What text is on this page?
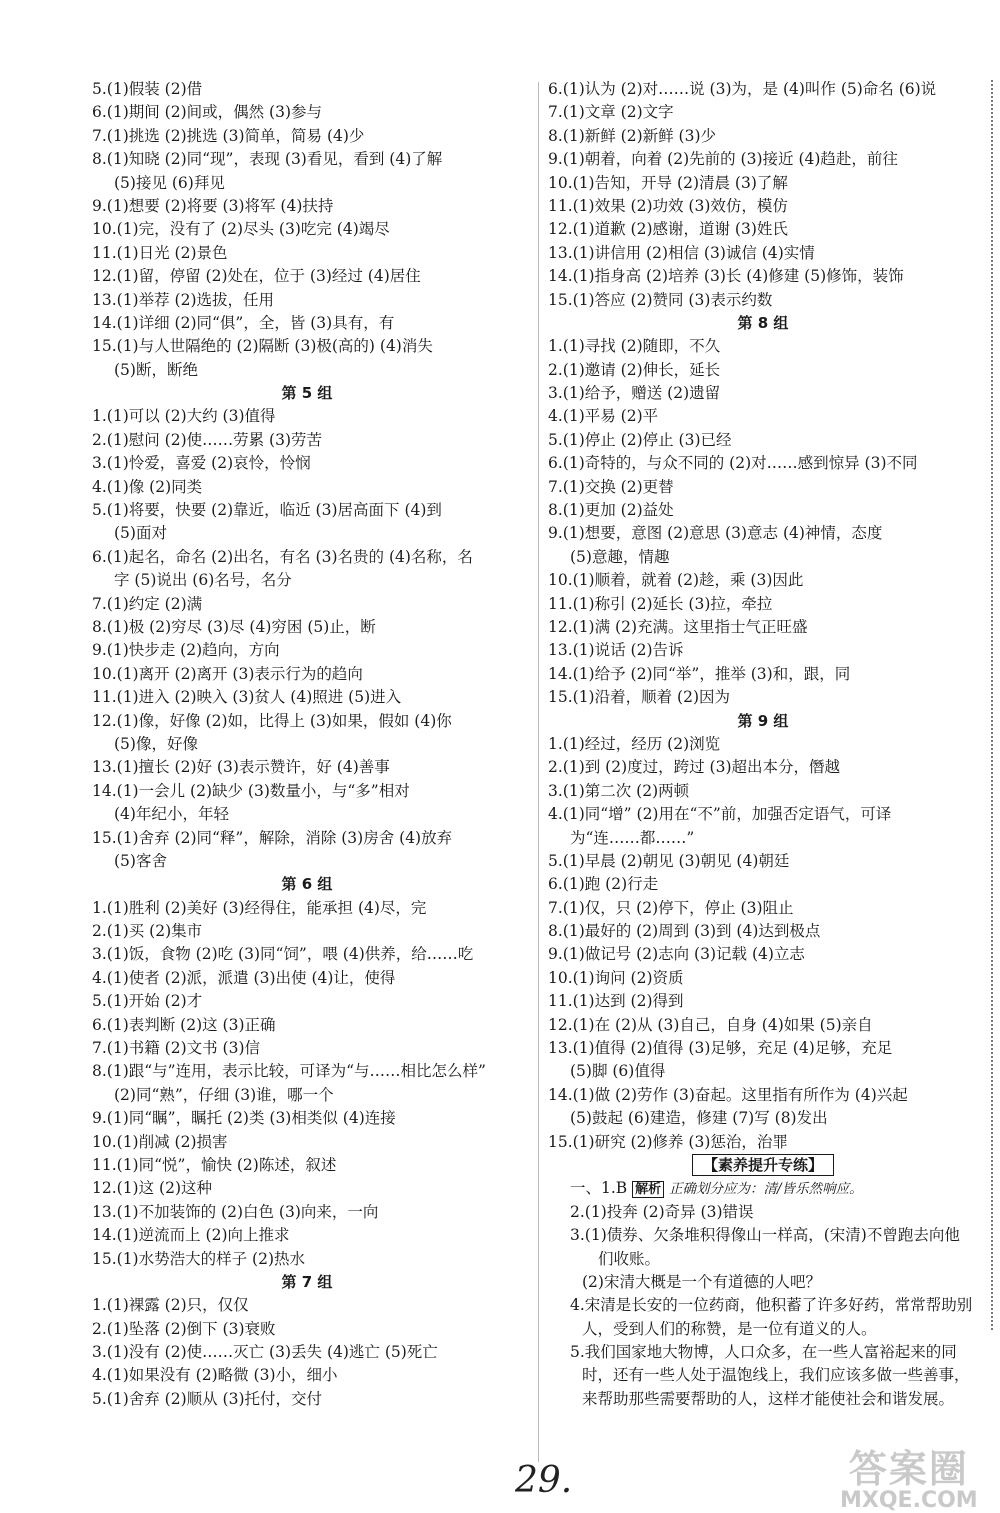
5.(1)假装 (2)借
6.(1)期间 (2)间或，偶然 (3)参与
7.(1)挑选 (2)挑选 (3)简单，简易 (4)少
8.(1)知晓 (2)同“现”，表现 (3)看见，看到 (4)了解
(5)接见 (6)拜见
9.(1)想要 (2)将要 (3)将军 (4)扶持
10.(1)完，没有了 (2)尽头 (3)吃完 (4)竭尽
11.(1)日光 (2)景色
12.(1)留，停留 (2)处在，位于 (3)经过 (4)居住
13.(1)举荐 (2)选拔，任用
14.(1)详细 (2)同“俱”，全，皆 (3)具有，有
15.(1)与人世隔绝的 (2)隔断 (3)极(高的) (4)消失
(5)断，断绝
第 5 组
1.(1)可以 (2)大约 (3)值得
2.(1)慰问 (2)使……劳累 (3)劳苦
3.(1)怜爱，喜爱 (2)哀怜，怜悯
4.(1)像 (2)同类
5.(1)将要，快要 (2)靠近，临近 (3)居高面下 (4)到
(5)面对
6.(1)起名，命名 (2)出名，有名 (3)名贵的 (4)名称，名
字 (5)说出 (6)名号，名分
7.(1)约定 (2)满
8.(1)极 (2)穷尽 (3)尽 (4)穷困 (5)止，断
9.(1)快步走 (2)趋向，方向
10.(1)离开 (2)离开 (3)表示行为的趋向
11.(1)进入 (2)映入 (3)贫人 (4)照进 (5)进入
12.(1)像，好像 (2)如，比得上 (3)如果，假如 (4)你
(5)像，好像
13.(1)擅长 (2)好 (3)表示赞许，好 (4)善事
14.(1)一会儿 (2)缺少 (3)数量小，与“多”相对
(4)年纪小，年轻
15.(1)舍弃 (2)同“释”，解除，消除 (3)房舍 (4)放弃
(5)客舍
第 6 组
1.(1)胜利 (2)美好 (3)经得住，能承担 (4)尽，完
2.(1)买 (2)集市
3.(1)饭，食物 (2)吃 (3)同“饲”，喂 (4)供养，给……吃
4.(1)使者 (2)派，派遣 (3)出使 (4)让，使得
5.(1)开始 (2)才
6.(1)表判断 (2)这 (3)正确
7.(1)书籍 (2)文书 (3)信
8.(1)跟“与”连用，表示比较，可译为“与……相比怎么样”
(2)同“熟”，仔细 (3)谁，哪一个
9.(1)同“瞩”，瞩托 (2)类 (3)相类似 (4)连接
10.(1)削减 (2)损害
11.(1)同“悦”，愉快 (2)陈述，叙述
12.(1)这 (2)这种
13.(1)不加装饰的 (2)白色 (3)向来，一向
14.(1)逆流而上 (2)向上推求
15.(1)水势浩大的样子 (2)热水
第 7 组
1.(1)裸露 (2)只，仅仅
2.(1)坠落 (2)倒下 (3)衰败
3.(1)没有 (2)使……灭亡 (3)丢失 (4)逃亡 (5)死亡
4.(1)如果没有 (2)略微 (3)小，细小
5.(1)舍弃 (2)顺从 (3)托付，交付
6.(1)认为 (2)对……说 (3)为，是 (4)叫作 (5)命名 (6)说
7.(1)文章 (2)文字
8.(1)新鲜 (2)新鲜 (3)少
9.(1)朝着，向着 (2)先前的 (3)接近 (4)趋赴，前往
10.(1)告知，开导 (2)清晨 (3)了解
11.(1)效果 (2)功效 (3)效仿，模仿
12.(1)道歉 (2)感谢，道谢 (3)姓氏
13.(1)讲信用 (2)相信 (3)诚信 (4)实情
14.(1)指身高 (2)培养 (3)长 (4)修建 (5)修饰，装饰
15.(1)答应 (2)赞同 (3)表示约数
第 8 组
1.(1)寻找 (2)随即，不久
2.(1)邀请 (2)伸长，延长
3.(1)给予，赠送 (2)遗留
4.(1)平易 (2)平
5.(1)停止 (2)停止 (3)已经
6.(1)奇特的，与众不同的 (2)对……感到惊异 (3)不同
7.(1)交换 (2)更替
8.(1)更加 (2)益处
9.(1)想要，意图 (2)意思 (3)意志 (4)神情，态度
(5)意趣，情趣
10.(1)顺着，就着 (2)趁，乘 (3)因此
11.(1)称引 (2)延长 (3)拉，牵拉
12.(1)满 (2)充满。这里指士气正旺盛
13.(1)说话 (2)告诉
14.(1)给予 (2)同“举”，推举 (3)和，跟，同
15.(1)沿着，顺着 (2)因为
第 9 组
1.(1)经过，经历 (2)浏览
2.(1)到 (2)度过，跨过 (3)超出本分，僭越
3.(1)第二次 (2)两顿
4.(1)同“增” (2)用在“不”前，加强否定语气，可译
为“连……都……”
5.(1)早晨 (2)朝见 (3)朝见 (4)朝廷
6.(1)跑 (2)行走
7.(1)仅，只 (2)停下，停止 (3)阻止
8.(1)最好的 (2)周到 (3)到 (4)达到极点
9.(1)做记号 (2)志向 (3)记载 (4)立志
10.(1)询问 (2)资质
11.(1)达到 (2)得到
12.(1)在 (2)从 (3)自己，自身 (4)如果 (5)亲自
13.(1)值得 (2)值得 (3)足够，充足 (4)足够，充足
(5)脚 (6)值得
14.(1)做 (2)劳作 (3)奋起。这里指有所作为 (4)兴起
(5)鼓起 (6)建造，修建 (7)写 (8)发出
15.(1)研究 (2)修养 (3)惩治，治罪
【素养提升专练】
一、1.B 解析 正确划分应为：清/皆乐然响应。
2.(1)投奔 (2)奇异 (3)错误
3.(1)债券、欠条堆积得像山一样高，(宋清)不曾跑去向他
们收账。
(2)宋清大概是一个有道德的人吧？
4.宋清是长安的一位药商，他积蓄了许多好药，常常帮助别
人，受到人们的称赞，是一位有道义的人。
5.我们国家地大物博，人口众多，在一些人富裕起来的同
时，还有一些人处于温饱线上，我们应该多做一些善事，
来帮助那些需要帮助的人，这样才能使社会和谐发展。
29.	答案圈
MXQE.COM
